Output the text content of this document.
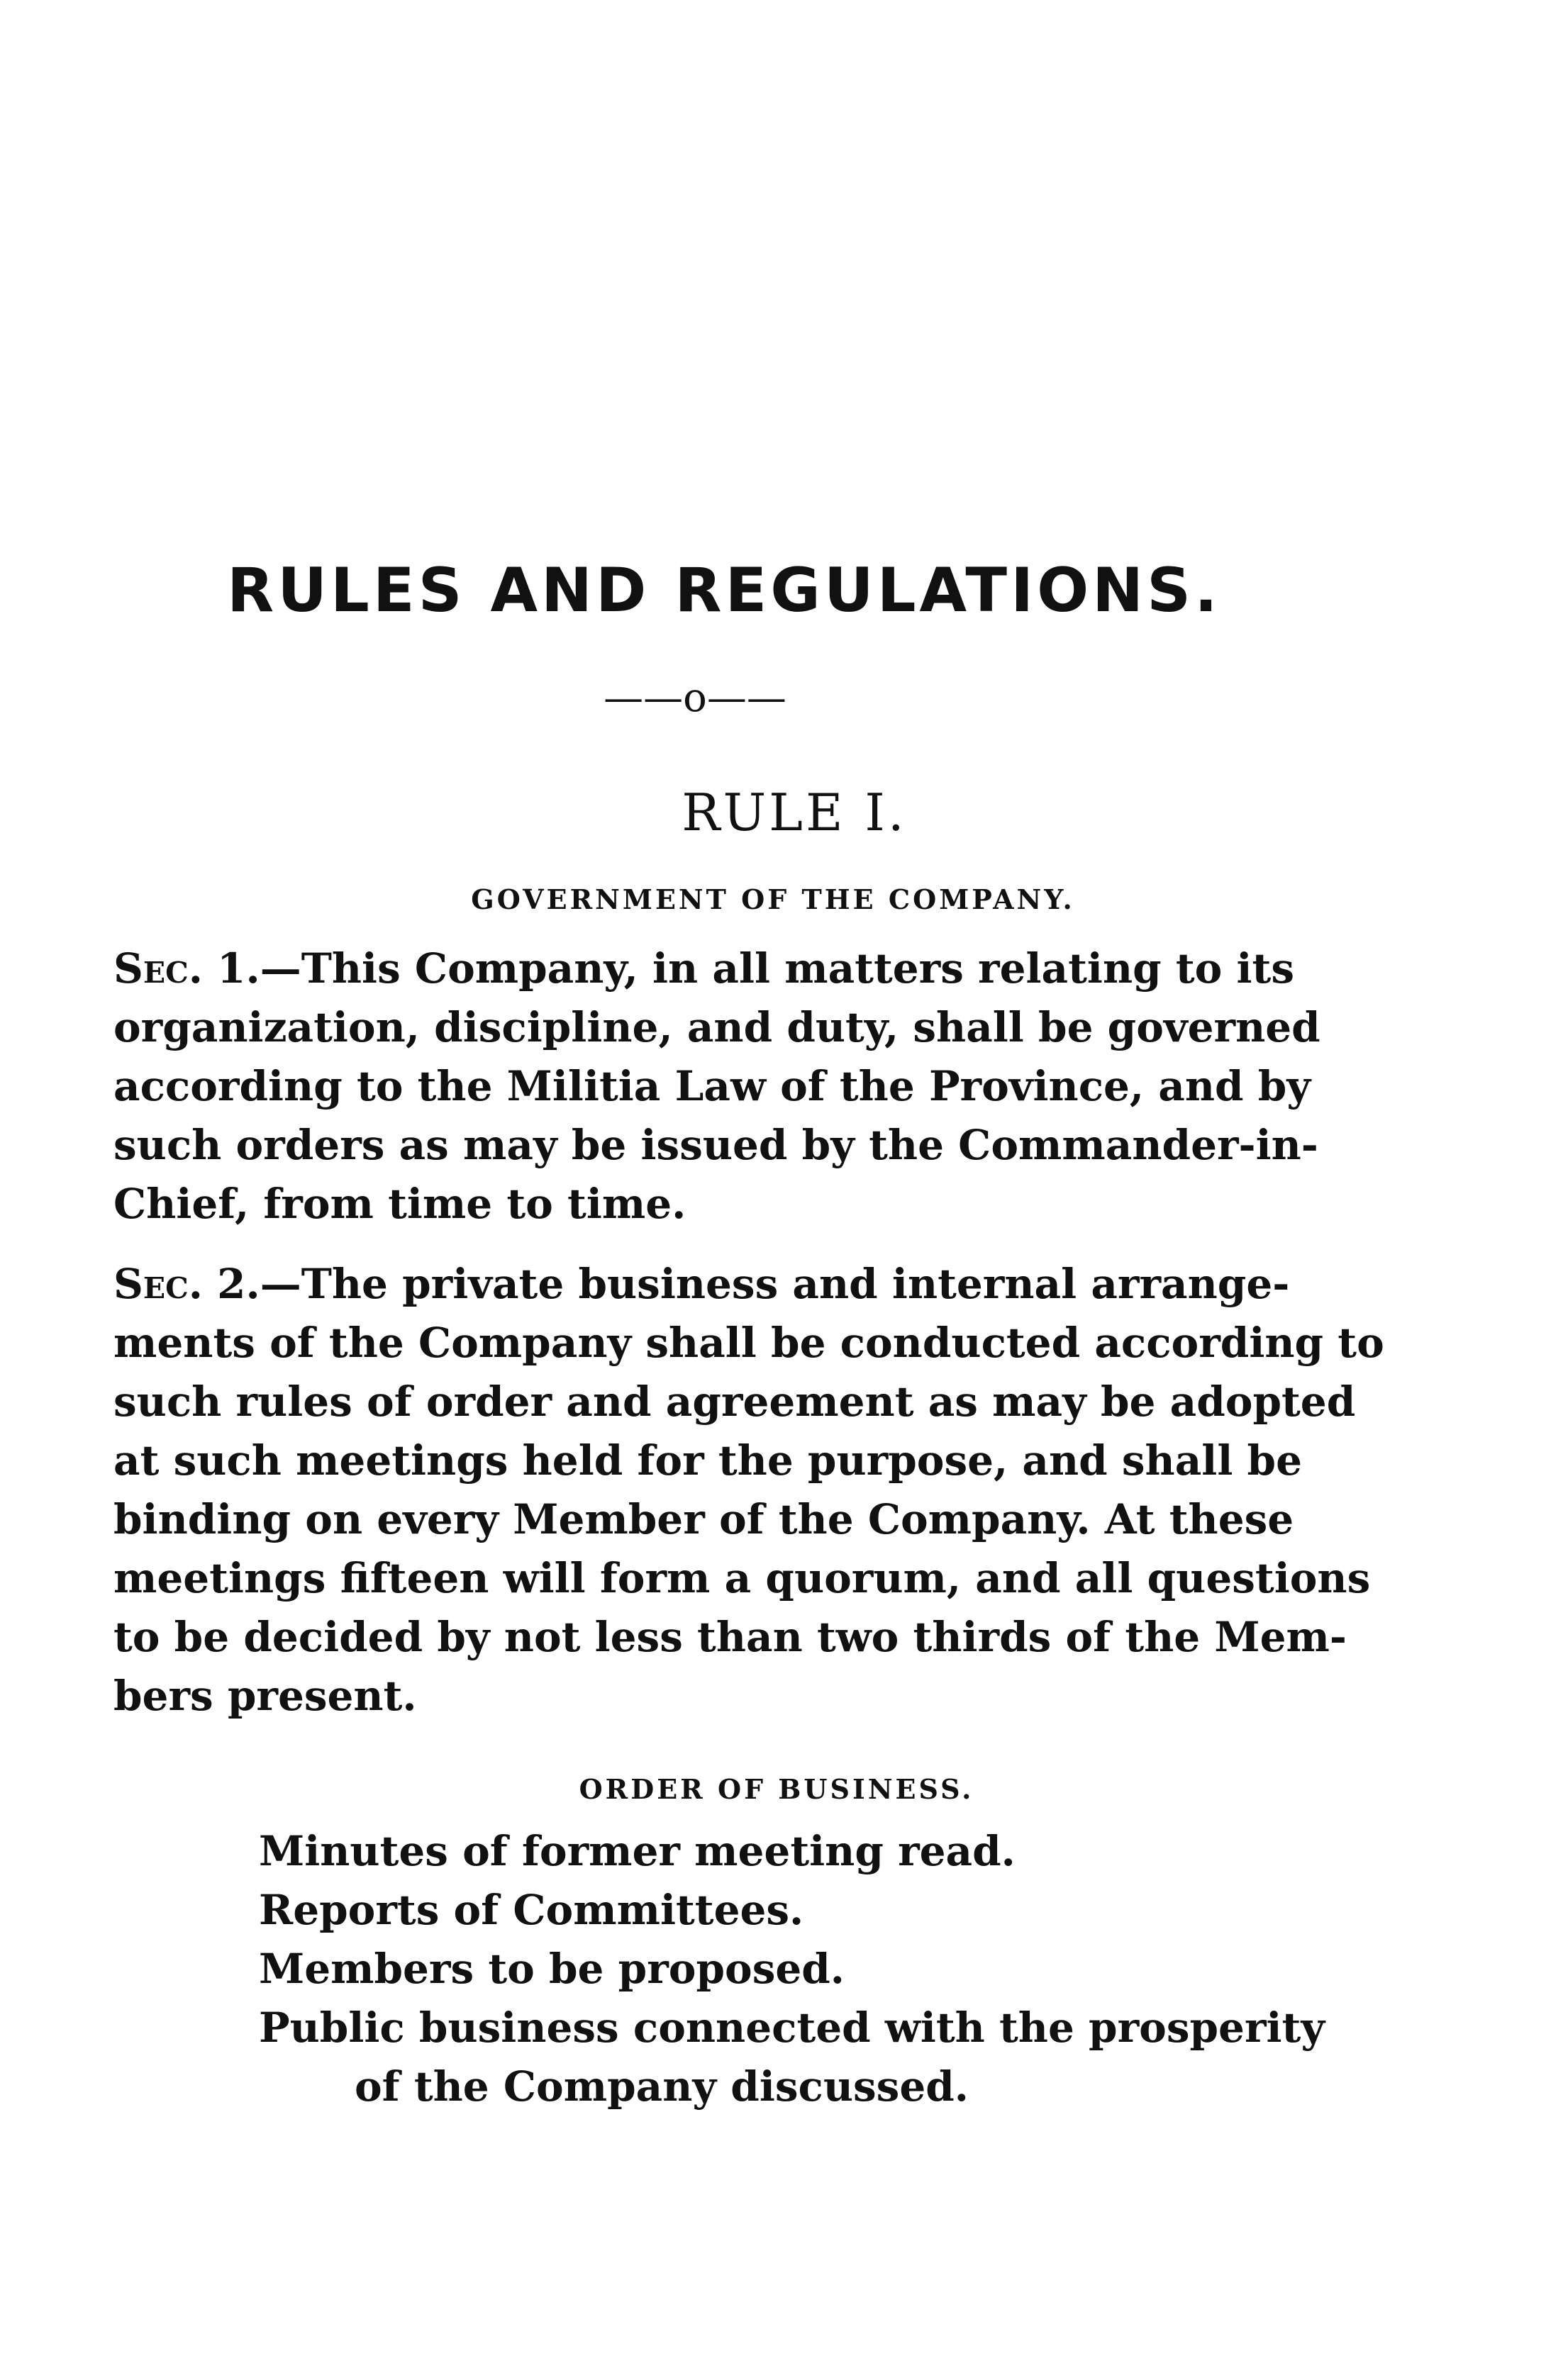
RULES AND REGULATIONS.
——o——
RULE I.
GOVERNMENT OF THE COMPANY.
Sec. 1.—This Company, in all matters relating to its
organization, discipline, and duty, shall be governed
according to the Militia Law of the Province, and by
such orders as may be issued by the Commander-in-
Chief, from time to time.
Sec. 2.—The private business and internal arrange-
ments of the Company shall be conducted according to
such rules of order and agreement as may be adopted
at such meetings held for the purpose, and shall be
binding on every Member of the Company. At these
meetings fifteen will form a quorum, and all questions
to be decided by not less than two thirds of the Mem-
bers present.
ORDER OF BUSINESS.
Minutes of former meeting read.
Reports of Committees.
Members to be proposed.
Public business connected with the prosperity
of the Company discussed.
